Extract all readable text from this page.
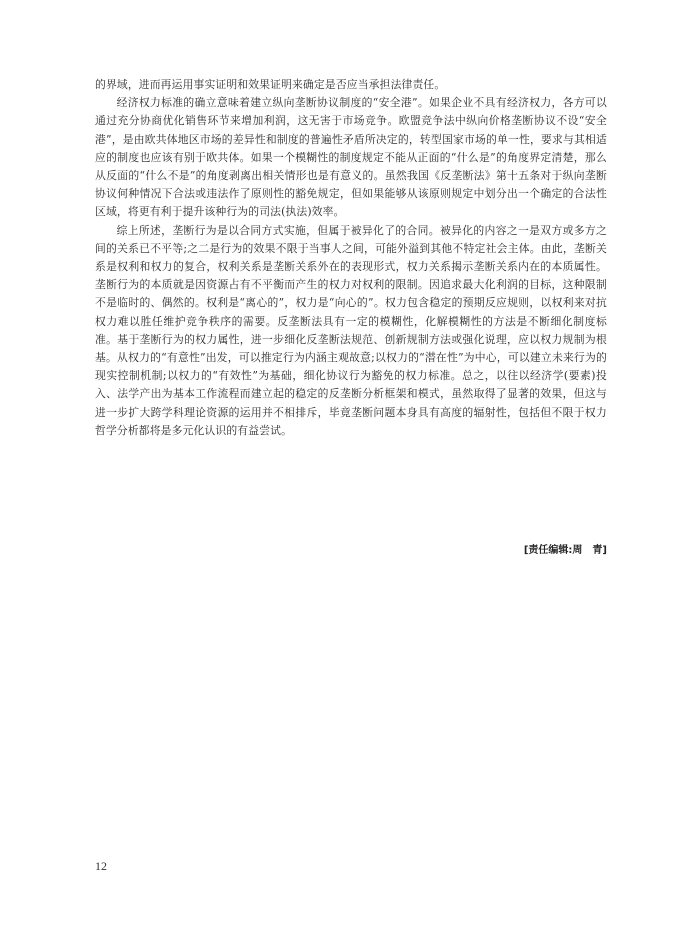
的界域，进而再运用事实证明和效果证明来确定是否应当承担法律责任。

经济权力标准的确立意味着建立纵向垄断协议制度的“安全港”。如果企业不具有经济权力，各方可以通过充分协商优化销售环节来增加利润，这无害于市场竞争。欧盟竞争法中纵向价格垄断协议不设“安全港”，是由欧共体地区市场的差异性和制度的普遍性矛盾所决定的，转型国家市场的单一性，要求与其相适应的制度也应该有别于欧共体。如果一个模糊性的制度规定不能从正面的“什么是”的角度界定清楚，那么从反面的“什么不是”的角度剥离出相关情形也是有意义的。虽然我国《反垄断法》第十五条对于纵向垄断协议何种情况下合法或违法作了原则性的豁免规定，但如果能够从该原则规定中划分出一个确定的合法性区域，将更有利于提升该种行为的司法(执法)效率。

综上所述，垄断行为是以合同方式实施，但属于被异化了的合同。被异化的内容之一是双方或多方之间的关系已不平等;之二是行为的效果不限于当事人之间，可能外溢到其他不特定社会主体。由此，垄断关系是权利和权力的复合，权利关系是垄断关系外在的表现形式，权力关系揭示垄断关系内在的本质属性。垄断行为的本质就是因资源占有不平衡而产生的权力对权利的限制。因追求最大化利润的目标，这种限制不是临时的、偶然的。权利是“离心的”，权力是“向心的”。权力包含稳定的预期反应规则，以权利来对抗权力难以胜任维护竞争秩序的需要。反垄断法具有一定的模糊性，化解模糊性的方法是不断细化制度标准。基于垄断行为的权力属性，进一步细化反垄断法规范、创新规制方法或强化说理，应以权力规制为根基。从权力的“有意性”出发，可以推定行为内涵主观故意;以权力的“潜在性”为中心，可以建立未来行为的现实控制机制;以权力的“有效性”为基础，细化协议行为豁免的权力标准。总之，以往以经济学(要素)投入、法学产出为基本工作流程而建立起的稳定的反垄断分析框架和模式，虽然取得了显著的效果，但这与进一步扩大跨学科理论资源的运用并不相排斥，毕竟垄断问题本身具有高度的辐射性，包括但不限于权力哲学分析都将是多元化认识的有益尝试。

[责任编辑:周　青]
12
